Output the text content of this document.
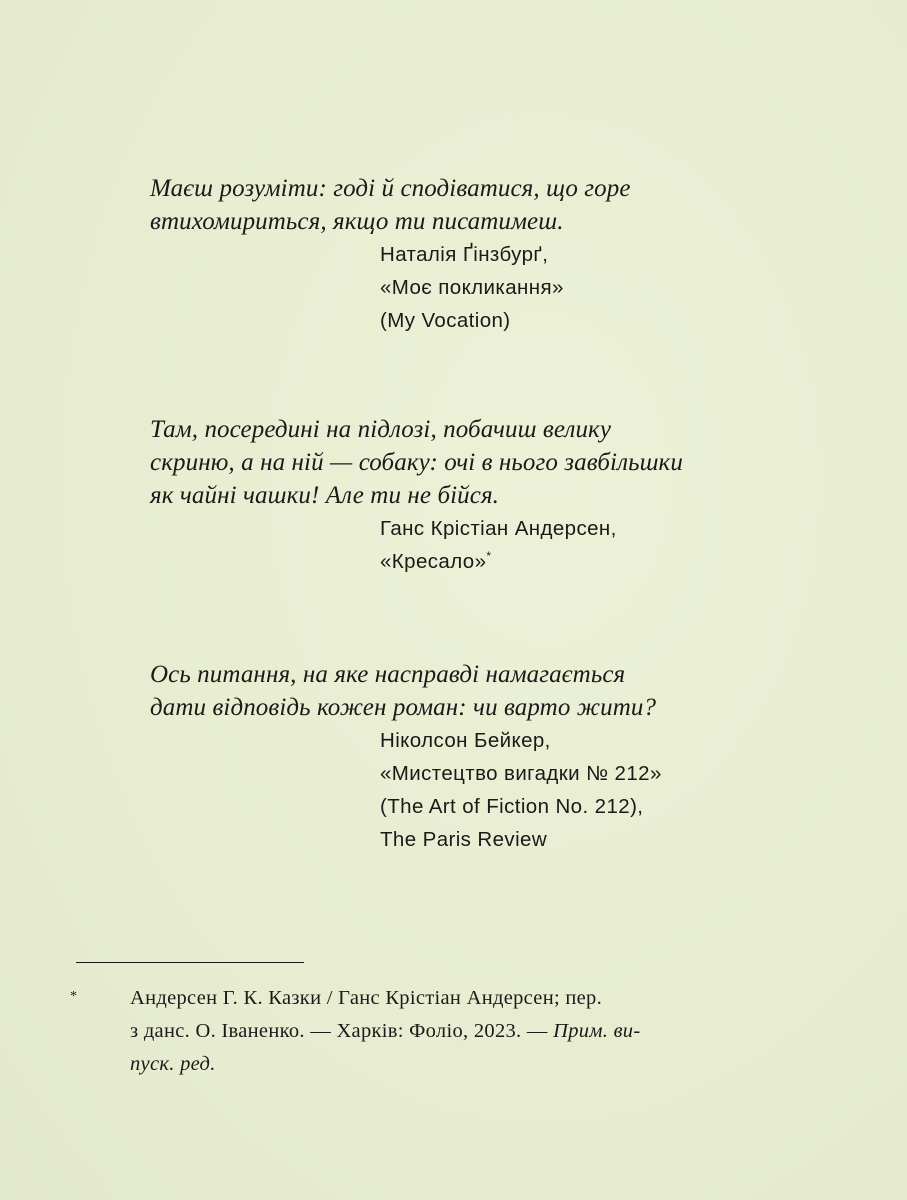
Маєш розуміти: годі й сподіватися, що горе
втихомириться, якщо ти писатимеш.
Наталія Ґінзбурґ,
«Моє покликання»
(My Vocation)
Там, посередині на підлозі, побачиш велику
скриню, а на ній — собаку: очі в нього завбільшки
як чайні чашки! Але ти не бійся.
Ганс Крістіан Андерсен,
«Кресало»*
Ось питання, на яке насправді намагається
дати відповідь кожен роман: чи варто жити?
Ніколсон Бейкер,
«Мистецтво вигадки № 212»
(The Art of Fiction No. 212),
The Paris Review
*	Андерсен Г. К. Казки / Ганс Крістіан Андерсен; пер.
з данс. О. Іваненко. — Харків: Фоліо, 2023. — Прим. ви-
пуск. ред.
